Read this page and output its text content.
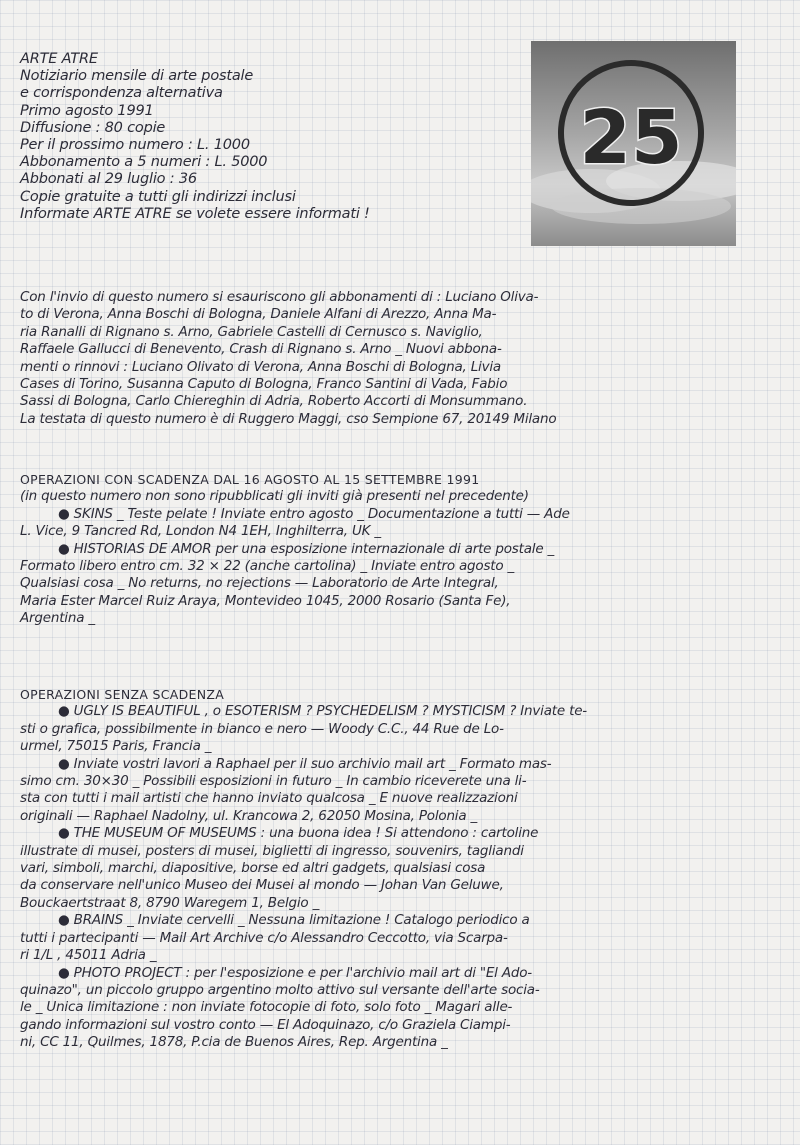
ARTE ATRE
Notiziario mensile di arte postale
e corrispondenza alternativa
Primo agosto 1991
Diffusione : 80 copie
Per il prossimo numero : L. 1000
Abbonamento a 5 numeri : L. 5000
Abbonati al 29 luglio : 36
Copie gratuite a tutti gli indirizzi inclusi
Informate ARTE ATRE se volete essere informati !
25
Con l'invio di questo numero si esauriscono gli abbonamenti di : Luciano Oliva-
to di Verona, Anna Boschi di Bologna, Daniele Alfani di Arezzo, Anna Ma-
ria Ranalli di Rignano s. Arno, Gabriele Castelli di Cernusco s. Naviglio,
Raffaele Gallucci di Benevento, Crash di Rignano s. Arno _ Nuovi abbona-
menti o rinnovi : Luciano Olivato di Verona, Anna Boschi di Bologna, Livia
Cases di Torino, Susanna Caputo di Bologna, Franco Santini di Vada, Fabio
Sassi di Bologna, Carlo Chiereghin di Adria, Roberto Accorti di Monsummano.
La testata di questo numero è di Ruggero Maggi, cso Sempione 67, 20149 Milano
OPERAZIONI CON SCADENZA DAL 16 AGOSTO AL 15 SETTEMBRE 1991
(in questo numero non sono ripubblicati gli inviti già presenti nel precedente)
● SKINS _ Teste pelate ! Inviate entro agosto _ Documentazione a tutti — Ade
L. Vice, 9 Tancred Rd, London N4 1EH, Inghilterra, UK _
● HISTORIAS DE AMOR per una esposizione internazionale di arte postale _
Formato libero entro cm. 32 × 22 (anche cartolina) _ Inviate entro agosto _
Qualsiasi cosa _ No returns, no rejections — Laboratorio de Arte Integral,
Maria Ester Marcel Ruiz Araya, Montevideo 1045, 2000 Rosario (Santa Fe),
Argentina _
OPERAZIONI SENZA SCADENZA
● UGLY IS BEAUTIFUL , o ESOTERISM ? PSYCHEDELISM ? MYSTICISM ? Inviate te-
sti o grafica, possibilmente in bianco e nero — Woody C.C., 44 Rue de Lo-
urmel, 75015 Paris, Francia _
● Inviate vostri lavori a Raphael per il suo archivio mail art _ Formato mas-
simo cm. 30×30 _ Possibili esposizioni in futuro _ In cambio riceverete una li-
sta con tutti i mail artisti che hanno inviato qualcosa _ E nuove realizzazioni
originali — Raphael Nadolny, ul. Krancowa 2, 62050 Mosina, Polonia _
● THE MUSEUM OF MUSEUMS : una buona idea ! Si attendono : cartoline
illustrate di musei, posters di musei, biglietti di ingresso, souvenirs, tagliandi
vari, simboli, marchi, diapositive, borse ed altri gadgets, qualsiasi cosa
da conservare nell'unico Museo dei Musei al mondo — Johan Van Geluwe,
Bouckaertstraat 8, 8790 Waregem 1, Belgio _
● BRAINS _ Inviate cervelli _ Nessuna limitazione ! Catalogo periodico a
tutti i partecipanti — Mail Art Archive c/o Alessandro Ceccotto, via Scarpa-
ri 1/L , 45011 Adria _
● PHOTO PROJECT : per l'esposizione e per l'archivio mail art di "El Ado-
quinazo", un piccolo gruppo argentino molto attivo sul versante dell'arte socia-
le _ Unica limitazione : non inviate fotocopie di foto, solo foto _ Magari alle-
gando informazioni sul vostro conto — El Adoquinazo, c/o Graziela Ciampi-
ni, CC 11, Quilmes, 1878, P.cia de Buenos Aires, Rep. Argentina _
